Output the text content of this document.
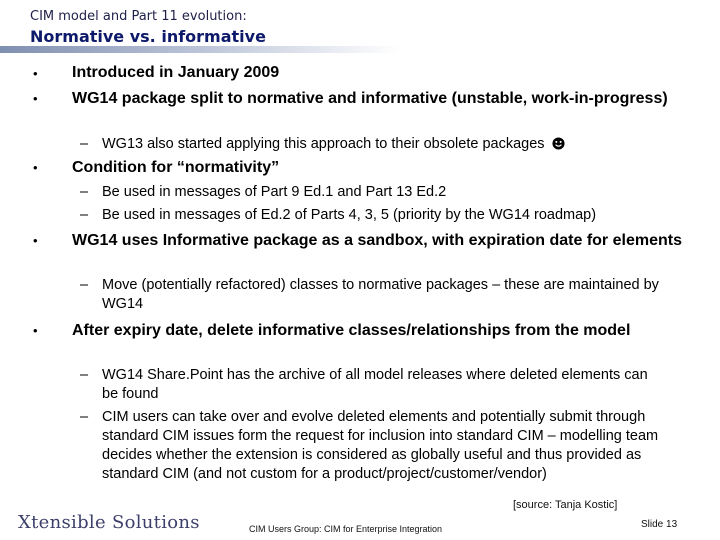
CIM model and Part 11 evolution:
Normative vs. informative
• Introduced in January 2009
• WG14 package split to normative and informative (unstable, work-in-progress)
– WG13 also started applying this approach to their obsolete packages
• Condition for “normativity”
– Be used in messages of Part 9 Ed.1 and Part 13 Ed.2
– Be used in messages of Ed.2 of Parts 4, 3, 5 (priority by the WG14 roadmap)
• WG14 uses Informative package as a sandbox, with expiration date for elements
– Move (potentially refactored) classes to normative packages – these are maintained by WG14
• After expiry date, delete informative classes/relationships from the model
– WG14 Share.Point has the archive of all model releases where deleted elements can be found
– CIM users can take over and evolve deleted elements and potentially submit through standard CIM issues form the request for inclusion into standard CIM – modelling team decides whether the extension is considered as globally useful and thus provided as standard CIM (and not custom for a product/project/customer/vendor)
[source: Tanja Kostic]
Xtensible Solutions	CIM Users Group: CIM for Enterprise Integration	Slide 13
